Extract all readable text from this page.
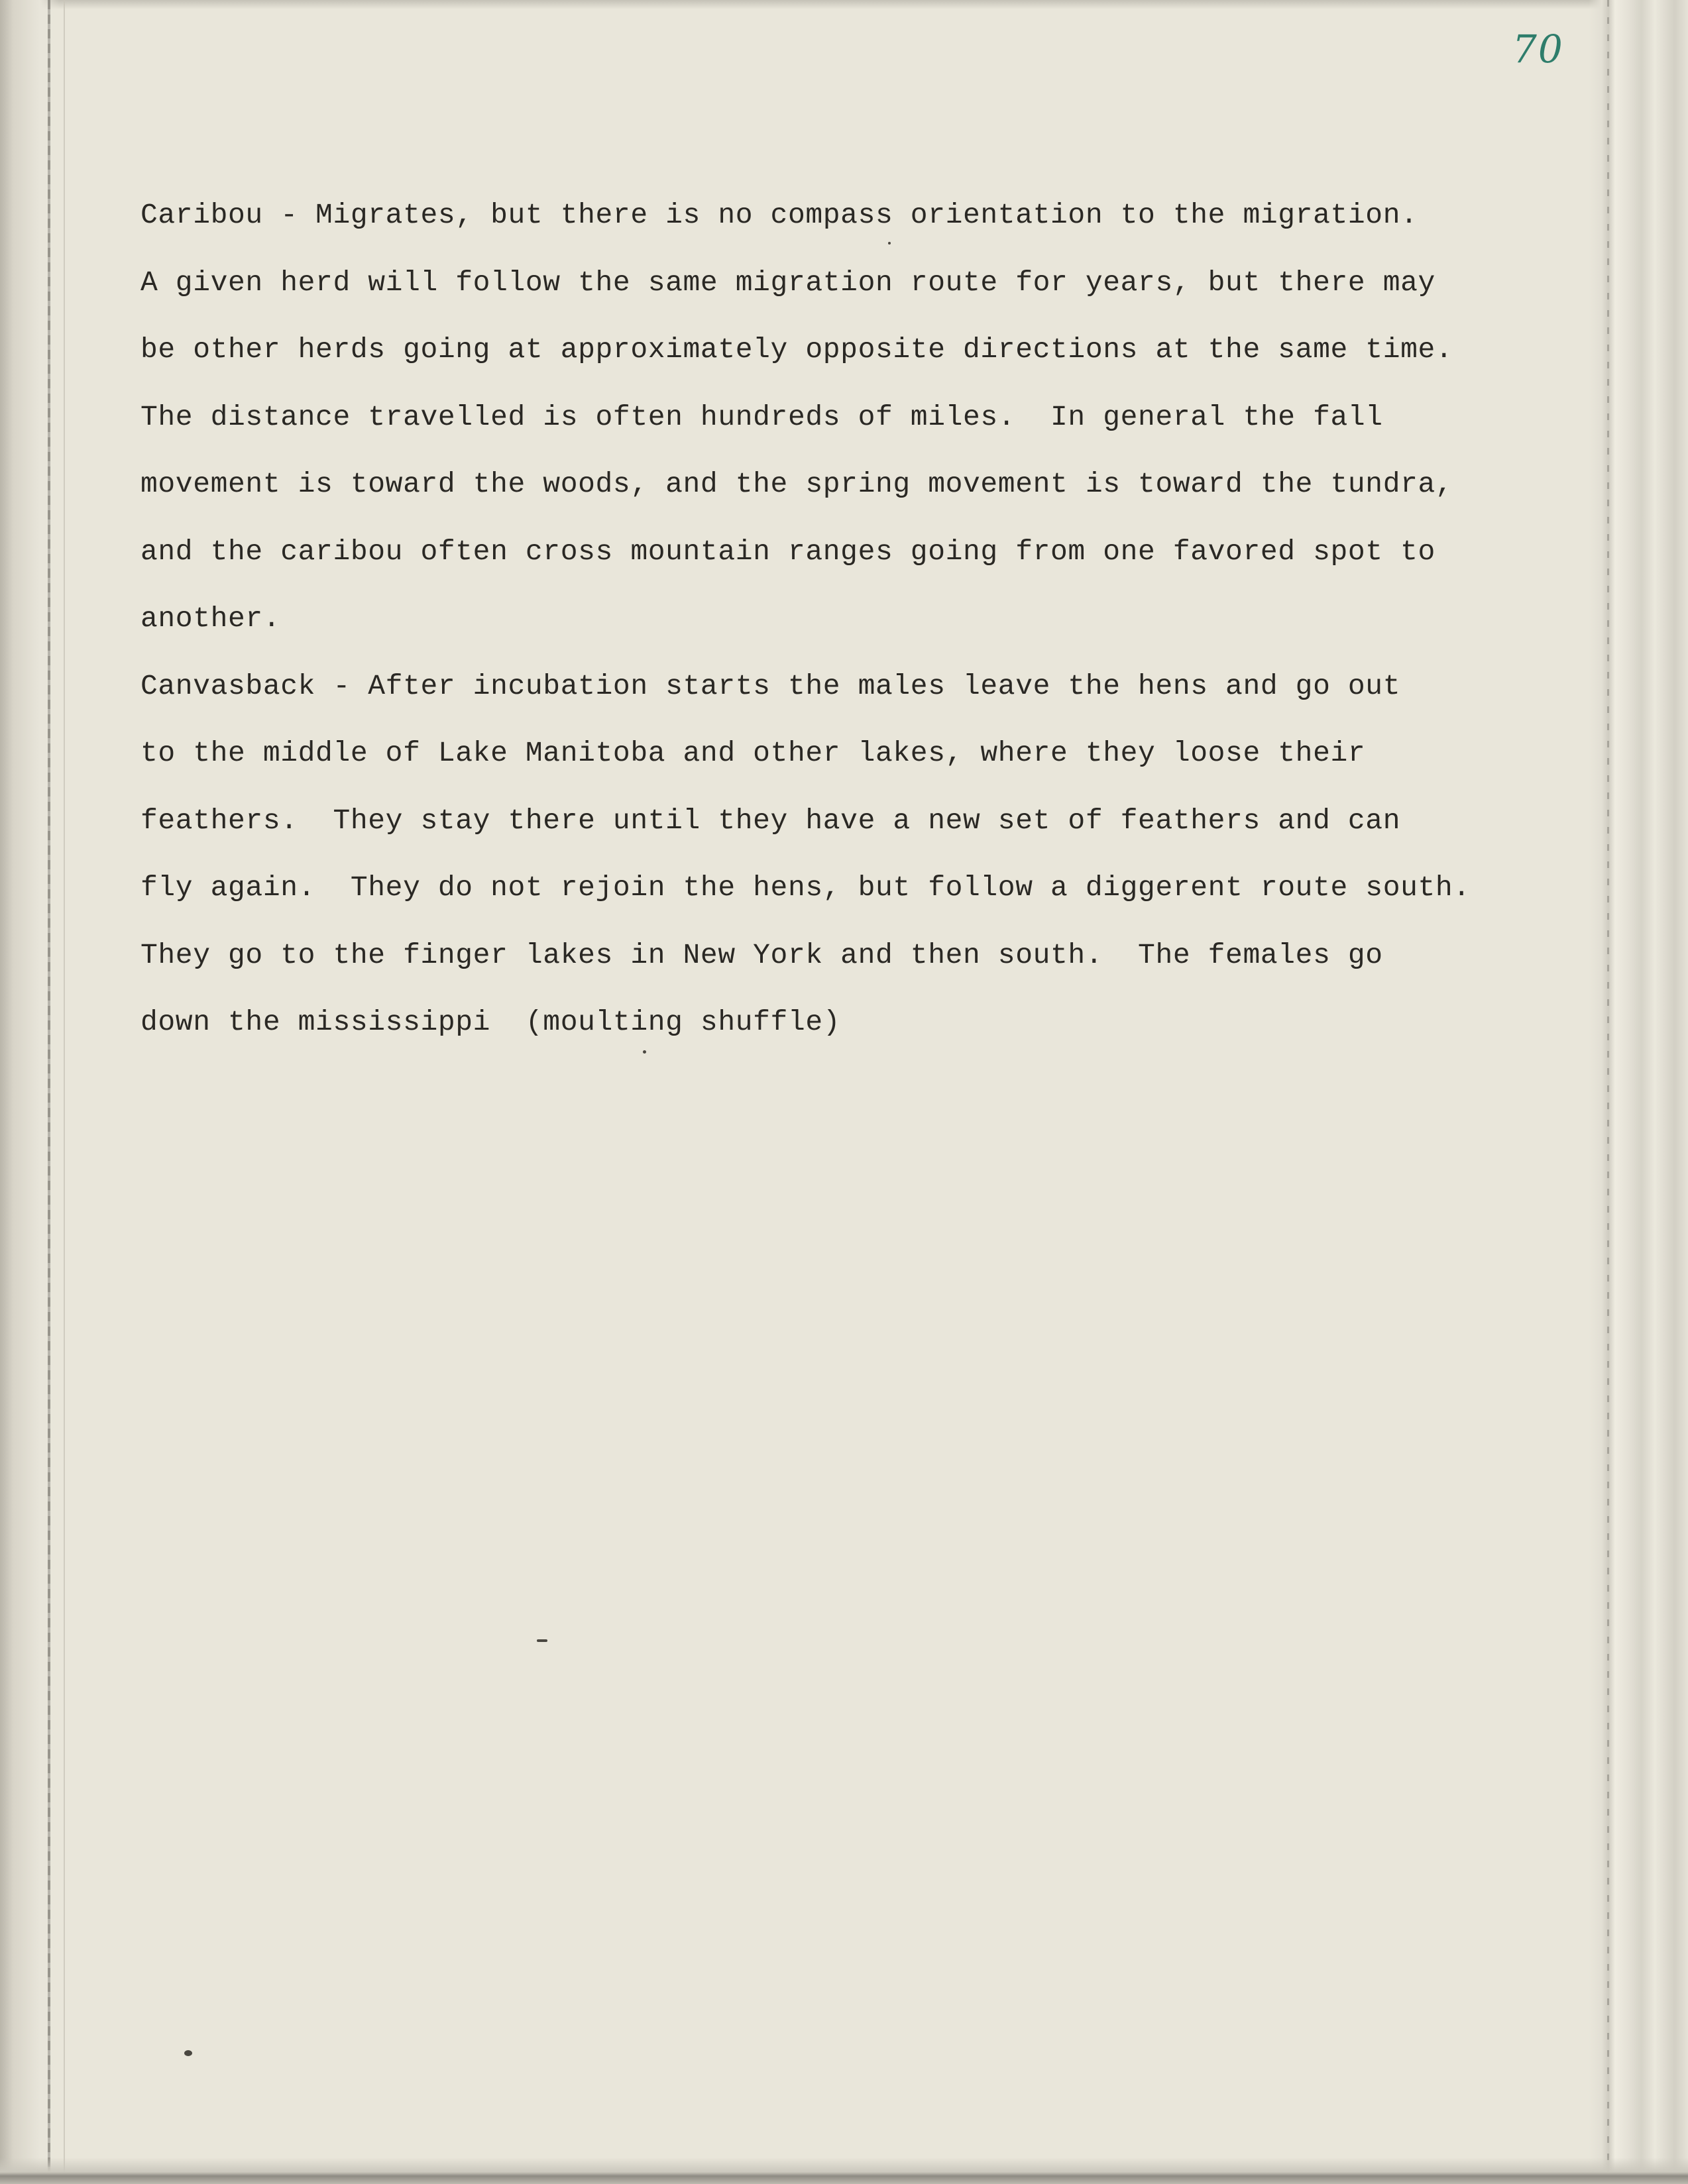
70
Caribou - Migrates, but there is no compass orientation to the migration.
A given herd will follow the same migration route for years, but there may
be other herds going at approximately opposite directions at the same time.
The distance travelled is often hundreds of miles.  In general the fall
movement is toward the woods, and the spring movement is toward the tundra,
and the caribou often cross mountain ranges going from one favored spot to
another.
Canvasback - After incubation starts the males leave the hens and go out
to the middle of Lake Manitoba and other lakes, where they loose their
feathers.  They stay there until they have a new set of feathers and can
fly again.  They do not rejoin the hens, but follow a diggerent route south.
They go to the finger lakes in New York and then south.  The females go
down the mississippi  (moulting shuffle)
